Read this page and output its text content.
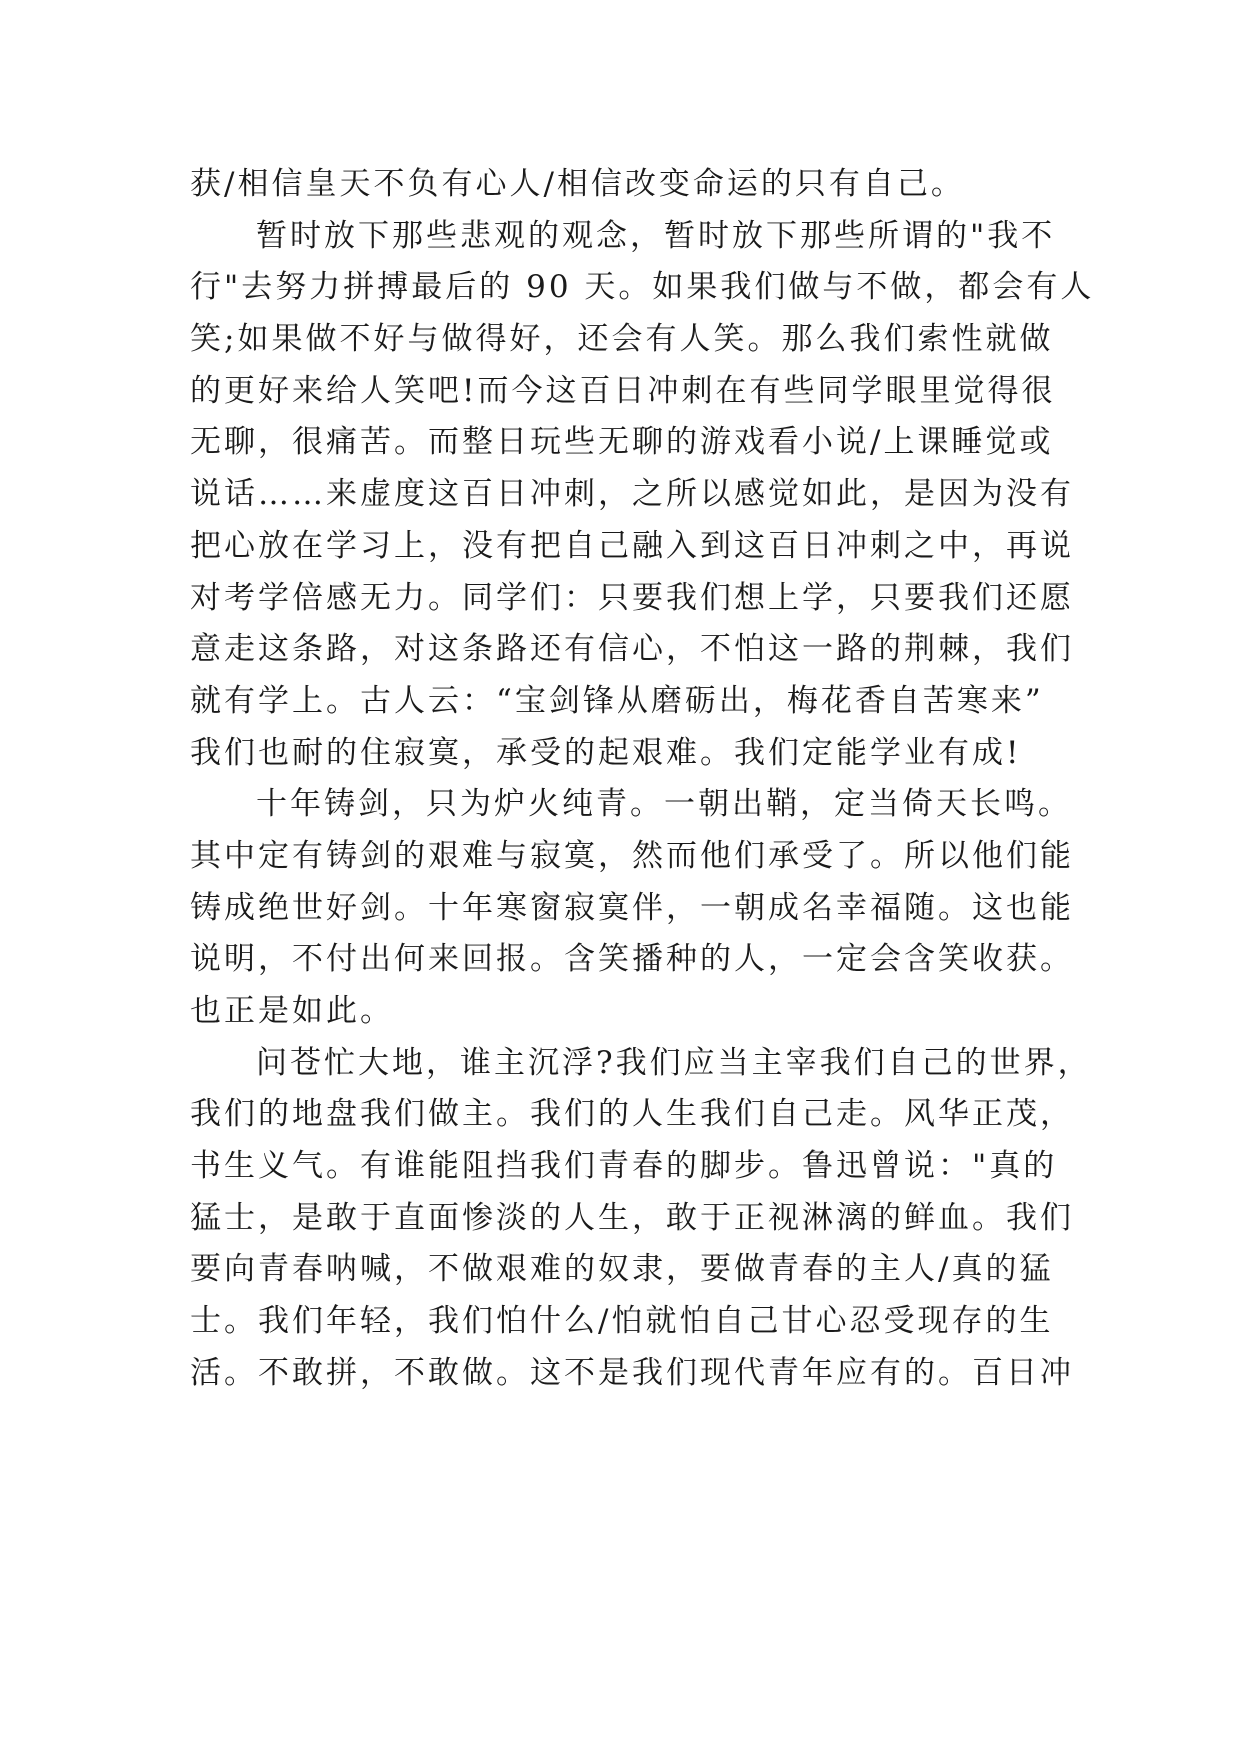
获/相信皇天不负有心人/相信改变命运的只有自己。
暂时放下那些悲观的观念，暂时放下那些所谓的"我不
行"去努力拼搏最后的 90 天。如果我们做与不做，都会有人
笑;如果做不好与做得好，还会有人笑。那么我们索性就做
的更好来给人笑吧!而今这百日冲刺在有些同学眼里觉得很
无聊，很痛苦。而整日玩些无聊的游戏看小说/上课睡觉或
说话……来虚度这百日冲刺，之所以感觉如此，是因为没有
把心放在学习上，没有把自己融入到这百日冲刺之中，再说
对考学倍感无力。同学们：只要我们想上学，只要我们还愿
意走这条路，对这条路还有信心，不怕这一路的荆棘，我们
就有学上。古人云：“宝剑锋从磨砺出，梅花香自苦寒来”
我们也耐的住寂寞，承受的起艰难。我们定能学业有成!
十年铸剑，只为炉火纯青。一朝出鞘，定当倚天长鸣。
其中定有铸剑的艰难与寂寞，然而他们承受了。所以他们能
铸成绝世好剑。十年寒窗寂寞伴，一朝成名幸福随。这也能
说明，不付出何来回报。含笑播种的人，一定会含笑收获。
也正是如此。
问苍忙大地，谁主沉浮?我们应当主宰我们自己的世界，
我们的地盘我们做主。我们的人生我们自己走。风华正茂，
书生义气。有谁能阻挡我们青春的脚步。鲁迅曾说："真的
猛士，是敢于直面惨淡的人生，敢于正视淋漓的鲜血。我们
要向青春呐喊，不做艰难的奴隶，要做青春的主人/真的猛
士。我们年轻，我们怕什么/怕就怕自己甘心忍受现存的生
活。不敢拼，不敢做。这不是我们现代青年应有的。百日冲
